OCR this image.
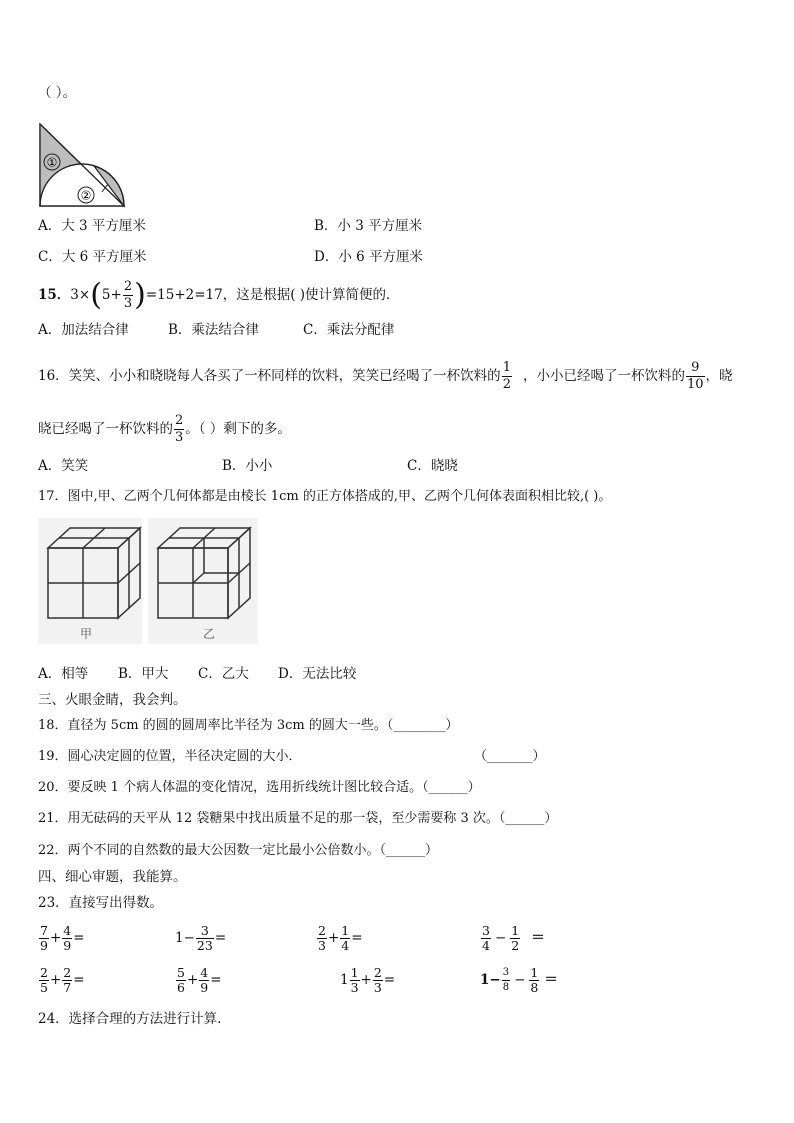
（ ）。
①
②
A．大 3 平方厘米	B．小 3 平方厘米
C．大 6 平方厘米	D．小 6 平方厘米
15．$3\times(5+ \frac{2}{3} )=15+2=17$，这是根据( )使计算简便的．
A．加法结合律	B．乘法结合律	C．乘法分配律
16．笑笑、小小和晓晓每人各买了一杯同样的饮料，笑笑已经喝了一杯饮料的 $\frac{1}{2}$ ，小小已经喝了一杯饮料的 $\frac{9}{10}$ ，晓
晓已经喝了一杯饮料的 $\frac{2}{3}$ 。（ ）剩下的多。
A．笑笑	B．小小	C．晓晓
17．图中,甲、乙两个几何体都是由棱长 1cm 的正方体搭成的,甲、乙两个几何体表面积相比较,( )。
甲	乙
A．相等 B．甲大 C．乙大 D．无法比较
三、火眼金睛，我会判。
18．直径为 5cm 的圆的圆周率比半径为 3cm 的圆大一些。（________）
19．圆心决定圆的位置，半径决定圆的大小．	（_______）
20．要反映 1 个病人体温的变化情况，选用折线统计图比较合适。（______）
21．用无砝码的天平从 12 袋糖果中找出质量不足的那一袋，至少需要称 3 次。（______）
22．两个不同的自然数的最大公因数一定比最小公倍数小。（______）
四、细心审题，我能算。
23．直接写出得数。
$\frac{7}{9} + \frac{4}{9}$ =	$1- \frac{3}{23}$ =	$\frac{2}{3} + \frac{1}{4}$ =	$\frac{3}{4} - \frac{1}{2}$ ＝
$\frac{2}{5} + \frac{2}{7}$ =	$\frac{5}{6} + \frac{4}{9}$ =	$1 \frac{1}{3} + \frac{2}{3}$ =	$1- \frac{3}{8} - \frac{1}{8}$ ＝
24．选择合理的方法进行计算.
